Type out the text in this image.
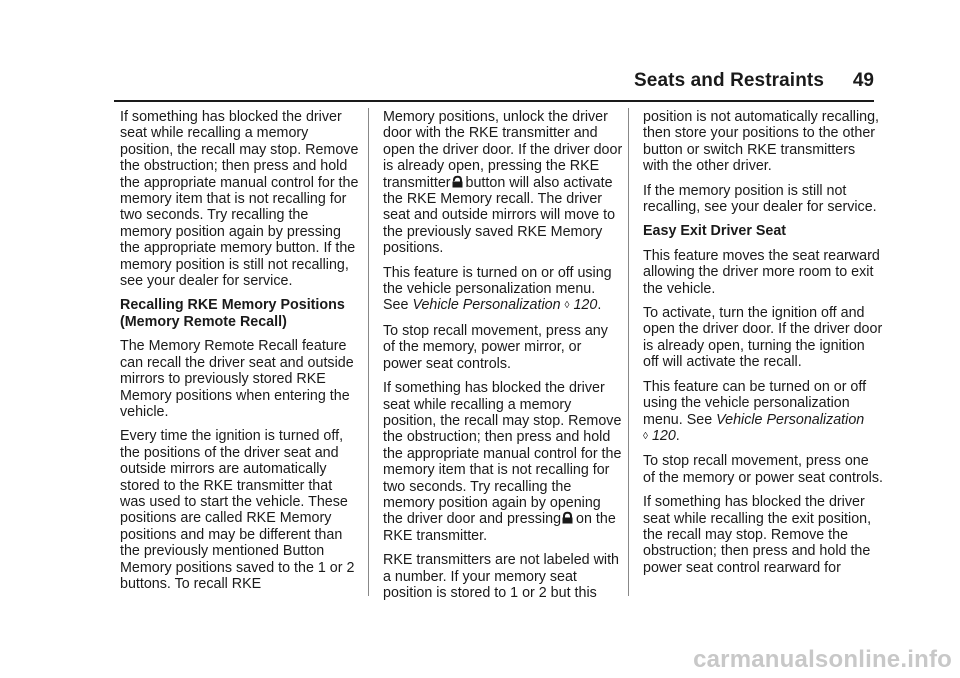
Seats and Restraints 49

If something has blocked the driver seat while recalling a memory position, the recall may stop. Remove the obstruction; then press and hold the appropriate manual control for the memory item that is not recalling for two seconds. Try recalling the memory position again by pressing the appropriate memory button. If the memory position is still not recalling, see your dealer for service.

Recalling RKE Memory Positions (Memory Remote Recall)

The Memory Remote Recall feature can recall the driver seat and outside mirrors to previously stored RKE Memory positions when entering the vehicle.

Every time the ignition is turned off, the positions of the driver seat and outside mirrors are automatically stored to the RKE transmitter that was used to start the vehicle. These positions are called RKE Memory positions and may be different than the previously mentioned Button Memory positions saved to the 1 or 2 buttons. To recall RKE

Memory positions, unlock the driver door with the RKE transmitter and open the driver door. If the driver door is already open, pressing the RKE transmitter button will also activate the RKE Memory recall. The driver seat and outside mirrors will move to the previously saved RKE Memory positions.

This feature is turned on or off using the vehicle personalization menu. See Vehicle Personalization ◊ 120.

To stop recall movement, press any of the memory, power mirror, or power seat controls.

If something has blocked the driver seat while recalling a memory position, the recall may stop. Remove the obstruction; then press and hold the appropriate manual control for the memory item that is not recalling for two seconds. Try recalling the memory position again by opening the driver door and pressing on the RKE transmitter.

RKE transmitters are not labeled with a number. If your memory seat position is stored to 1 or 2 but this

position is not automatically recalling, then store your positions to the other button or switch RKE transmitters with the other driver.

If the memory position is still not recalling, see your dealer for service.

Easy Exit Driver Seat

This feature moves the seat rearward allowing the driver more room to exit the vehicle.

To activate, turn the ignition off and open the driver door. If the driver door is already open, turning the ignition off will activate the recall.

This feature can be turned on or off using the vehicle personalization menu. See Vehicle Personalization
◊ 120.

To stop recall movement, press one of the memory or power seat controls.

If something has blocked the driver seat while recalling the exit position, the recall may stop. Remove the obstruction; then press and hold the power seat control rearward for

carmanualsonline.info
